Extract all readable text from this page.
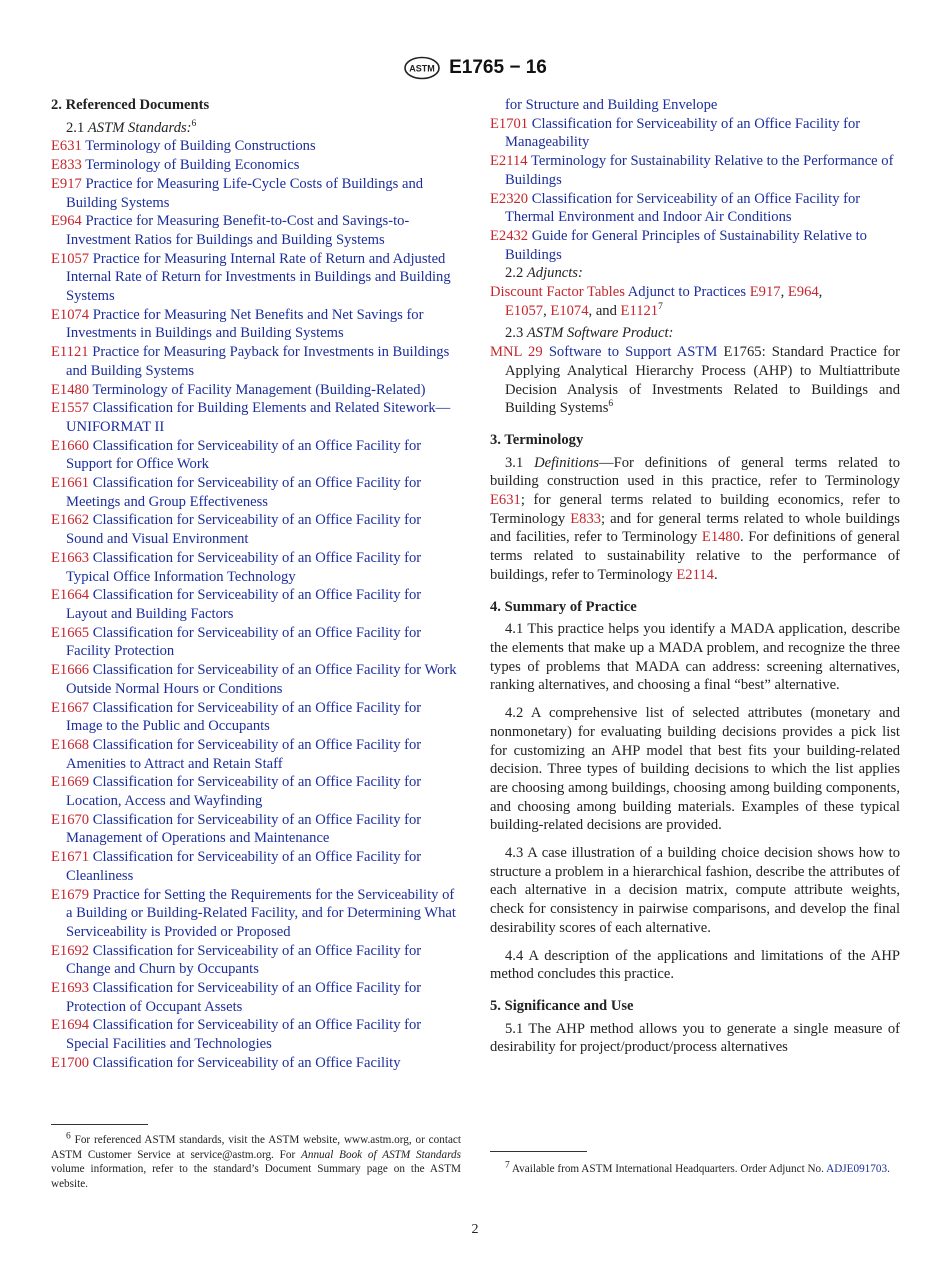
ASTM E1765 − 16
2. Referenced Documents
2.1 ASTM Standards:$^6$

E631 Terminology of Building Constructions

E833 Terminology of Building Economics

E917 Practice for Measuring Life-Cycle Costs of Buildings and Building Systems

E964 Practice for Measuring Benefit-to-Cost and Savings-to-Investment Ratios for Buildings and Building Systems

E1057 Practice for Measuring Internal Rate of Return and Adjusted Internal Rate of Return for Investments in Buildings and Building Systems

E1074 Practice for Measuring Net Benefits and Net Savings for Investments in Buildings and Building Systems

E1121 Practice for Measuring Payback for Investments in Buildings and Building Systems

E1480 Terminology of Facility Management (Building-Related)

E1557 Classification for Building Elements and Related Sitework—UNIFORMAT II

E1660 Classification for Serviceability of an Office Facility for Support for Office Work

E1661 Classification for Serviceability of an Office Facility for Meetings and Group Effectiveness

E1662 Classification for Serviceability of an Office Facility for Sound and Visual Environment

E1663 Classification for Serviceability of an Office Facility for Typical Office Information Technology

E1664 Classification for Serviceability of an Office Facility for Layout and Building Factors

E1665 Classification for Serviceability of an Office Facility for Facility Protection

E1666 Classification for Serviceability of an Office Facility for Work Outside Normal Hours or Conditions

E1667 Classification for Serviceability of an Office Facility for Image to the Public and Occupants

E1668 Classification for Serviceability of an Office Facility for Amenities to Attract and Retain Staff

E1669 Classification for Serviceability of an Office Facility for Location, Access and Wayfinding

E1670 Classification for Serviceability of an Office Facility for Management of Operations and Maintenance

E1671 Classification for Serviceability of an Office Facility for Cleanliness

E1679 Practice for Setting the Requirements for the Serviceability of a Building or Building-Related Facility, and for Determining What Serviceability is Provided or Proposed

E1692 Classification for Serviceability of an Office Facility for Change and Churn by Occupants

E1693 Classification for Serviceability of an Office Facility for Protection of Occupant Assets

E1694 Classification for Serviceability of an Office Facility for Special Facilities and Technologies

E1700 Classification for Serviceability of an Office Facility

for Structure and Building Envelope

E1701 Classification for Serviceability of an Office Facility for Manageability

E2114 Terminology for Sustainability Relative to the Performance of Buildings

E2320 Classification for Serviceability of an Office Facility for Thermal Environment and Indoor Air Conditions

E2432 Guide for General Principles of Sustainability Relative to Buildings

2.2 Adjuncts:
Discount Factor Tables Adjunct to Practices E917, E964,
E1057, E1074, and E1121$^7$
2.3 ASTM Software Product:
MNL 29 Software to Support ASTM E1765: Standard Practice for Applying Analytical Hierarchy Process (AHP) to Multiattribute Decision Analysis of Investments Related to Buildings and Building Systems$^6$
3. Terminology

3.1 Definitions—For definitions of general terms related to building construction used in this practice, refer to Terminology E631; for general terms related to building economics, refer to Terminology E833; and for general terms related to whole buildings and facilities, refer to Terminology E1480. For definitions of general terms related to sustainability relative to the performance of buildings, refer to Terminology E2114.

4. Summary of Practice

4.1 This practice helps you identify a MADA application, describe the elements that make up a MADA problem, and recognize the three types of problems that MADA can address: screening alternatives, ranking alternatives, and choosing a final “best” alternative.

4.2 A comprehensive list of selected attributes (monetary and nonmonetary) for evaluating building decisions provides a pick list for customizing an AHP model that best fits your building-related decision. Three types of building decisions to which the list applies are choosing among buildings, choosing among building components, and choosing among building materials. Examples of these typical building-related decisions are provided.

4.3 A case illustration of a building choice decision shows how to structure a problem in a hierarchical fashion, describe the attributes of each alternative in a decision matrix, compute attribute weights, check for consistency in pairwise comparisons, and develop the final desirability scores of each alternative.

4.4 A description of the applications and limitations of the AHP method concludes this practice.

5. Significance and Use

5.1 The AHP method allows you to generate a single measure of desirability for project/product/process alternatives

$^6$ For referenced ASTM standards, visit the ASTM website, www.astm.org, or contact ASTM Customer Service at service@astm.org. For Annual Book of ASTM Standards volume information, refer to the standard’s Document Summary page on the ASTM website.
$^7$ Available from ASTM International Headquarters. Order Adjunct No. ADJE091703.
2
